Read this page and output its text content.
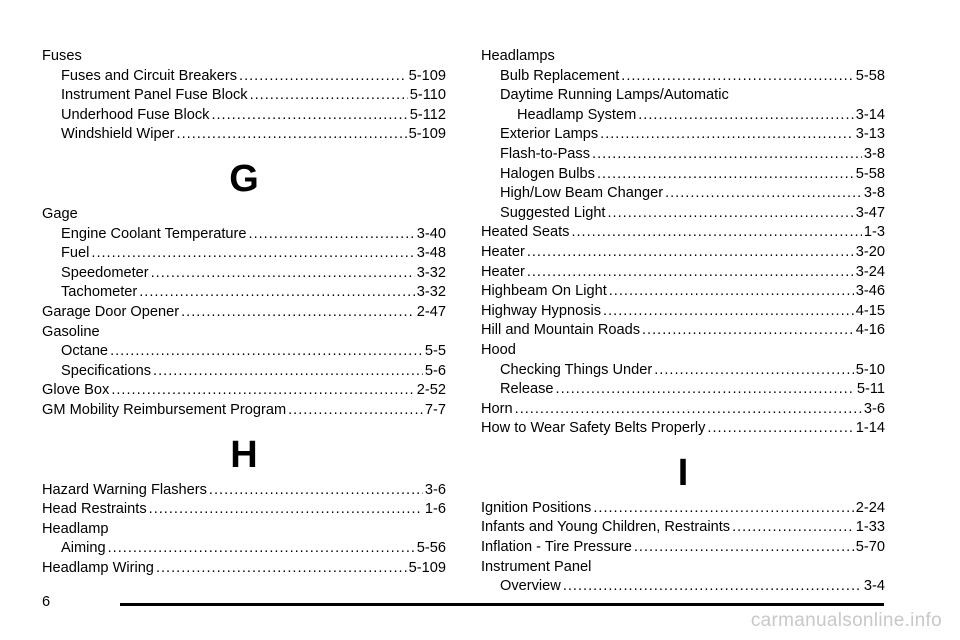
Fuses
Fuses and Circuit Breakers .....	5-109
Instrument Panel Fuse Block .....	5-110
Underhood Fuse Block .....	5-112
Windshield Wiper .....	5-109
G
Gage
Engine Coolant Temperature .....	3-40
Fuel .....	3-48
Speedometer .....	3-32
Tachometer .....	3-32
Garage Door Opener .....	2-47
Gasoline
Octane .....	5-5
Specifications .....	5-6
Glove Box .....	2-52
GM Mobility Reimbursement Program .....	7-7
H
Hazard Warning Flashers .....	3-6
Head Restraints .....	1-6
Headlamp
Aiming .....	5-56
Headlamp Wiring .....	5-109
Headlamps
Bulb Replacement .....	5-58
Daytime Running Lamps/Automatic
Headlamp System .....	3-14
Exterior Lamps .....	3-13
Flash-to-Pass .....	3-8
Halogen Bulbs .....	5-58
High/Low Beam Changer .....	3-8
Suggested Light .....	3-47
Heated Seats .....	1-3
Heater .....	3-20
Heater .....	3-24
Highbeam On Light .....	3-46
Highway Hypnosis .....	4-15
Hill and Mountain Roads .....	4-16
Hood
Checking Things Under .....	5-10
Release .....	5-11
Horn .....	3-6
How to Wear Safety Belts Properly .....	1-14
I
Ignition Positions .....	2-24
Infants and Young Children, Restraints .....	1-33
Inflation - Tire Pressure .....	5-70
Instrument Panel
Overview .....	3-4
6
carmanualsonline.info
